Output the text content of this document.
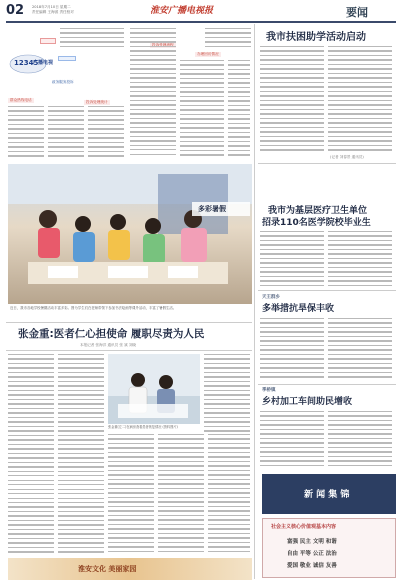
02 2018年7月10日 星期二
责任编辑 王海滨 责任校对	淮安广播电视报	要闻
12345
广播电视
群众热线电话
政务服务投诉
投诉处理统计
办理回访情况
我市扶困助学活动启动
(记者 刘春景 通讯员)
多彩暑假
近日，我市各地学校暑期活动丰富多彩。图为学生们在老师带领下参加书法绘画等课外活动，丰富了暑假生活。
我市为基层医疗卫生单位
招录110名医学院校毕业生
天王群乡
多举措抗旱保丰收
季桥镇
乡村加工车间助民增收
新 闻 集 锦
社会主义核心价值观基本内容
富强 民主 文明 和谐
自由 平等 公正 法治
爱国 敬业 诚信 友善
张金重:医者仁心担使命 履职尽责为人民
本报记者 张海洋 通讯员 张 斌 刘晓
张金重(左二)在病房查看患者恢复情况 (资料图片)
淮安文化 美丽家园
